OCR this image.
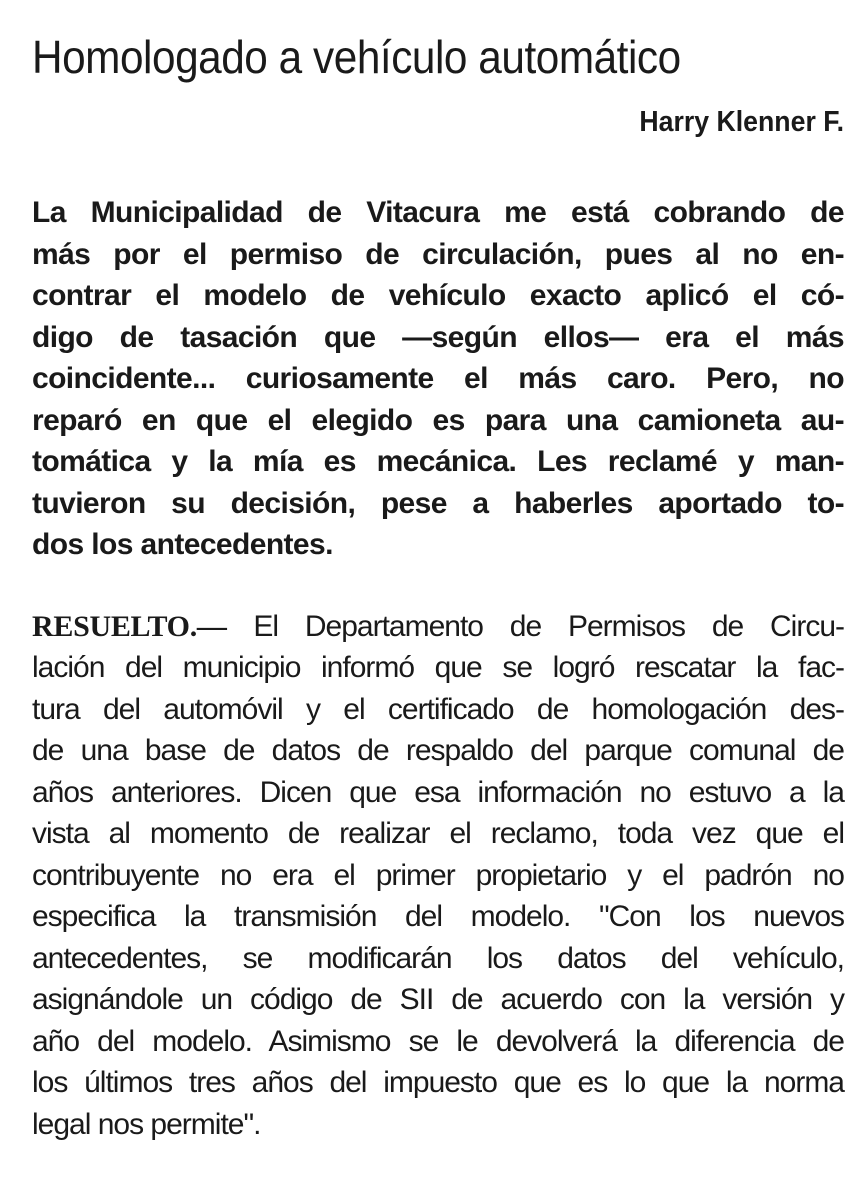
Homologado a vehículo automático
Harry Klenner F.
La Municipalidad de Vitacura me está cobrando de
más por el permiso de circulación, pues al no en-
contrar el modelo de vehículo exacto aplicó el có-
digo de tasación que —según ellos— era el más
coincidente... curiosamente el más caro. Pero, no
reparó en que el elegido es para una camioneta au-
tomática y la mía es mecánica. Les reclamé y man-
tuvieron su decisión, pese a haberles aportado to-
dos los antecedentes.
RESUELTO.— El Departamento de Permisos de Circu-
lación del municipio informó que se logró rescatar la fac-
tura del automóvil y el certificado de homologación des-
de una base de datos de respaldo del parque comunal de
años anteriores. Dicen que esa información no estuvo a la
vista al momento de realizar el reclamo, toda vez que el
contribuyente no era el primer propietario y el padrón no
especifica la transmisión del modelo. "Con los nuevos
antecedentes, se modificarán los datos del vehículo,
asignándole un código de SII de acuerdo con la versión y
año del modelo. Asimismo se le devolverá la diferencia de
los últimos tres años del impuesto que es lo que la norma
legal nos permite".
